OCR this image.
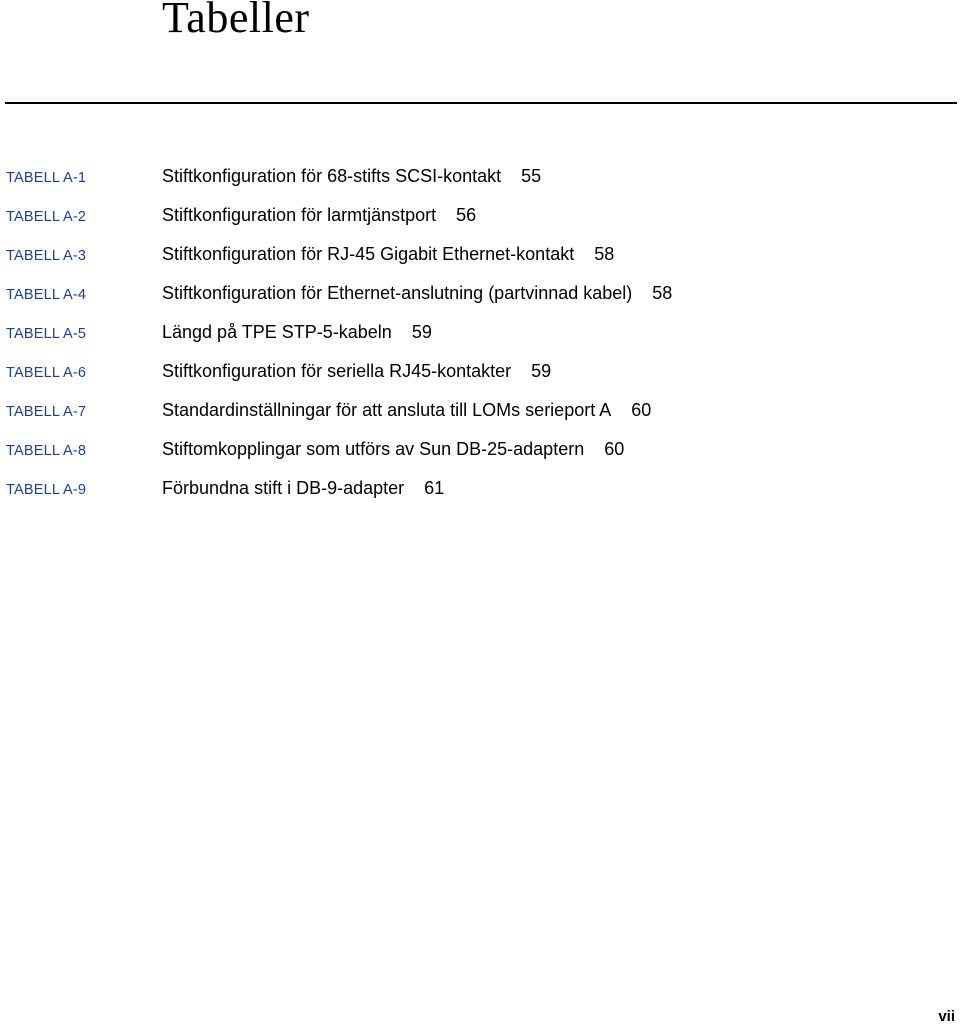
Tabeller
TABELL A-1	Stiftkonfiguration för 68-stifts SCSI-kontakt 55
TABELL A-2	Stiftkonfiguration för larmtjänstport 56
TABELL A-3	Stiftkonfiguration för RJ-45 Gigabit Ethernet-kontakt 58
TABELL A-4	Stiftkonfiguration för Ethernet-anslutning (partvinnad kabel) 58
TABELL A-5	Längd på TPE STP-5-kabeln 59
TABELL A-6	Stiftkonfiguration för seriella RJ45-kontakter 59
TABELL A-7	Standardinställningar för att ansluta till LOMs serieport A 60
TABELL A-8	Stiftomkopplingar som utförs av Sun DB-25-adaptern 60
TABELL A-9	Förbundna stift i DB-9-adapter 61
vii
